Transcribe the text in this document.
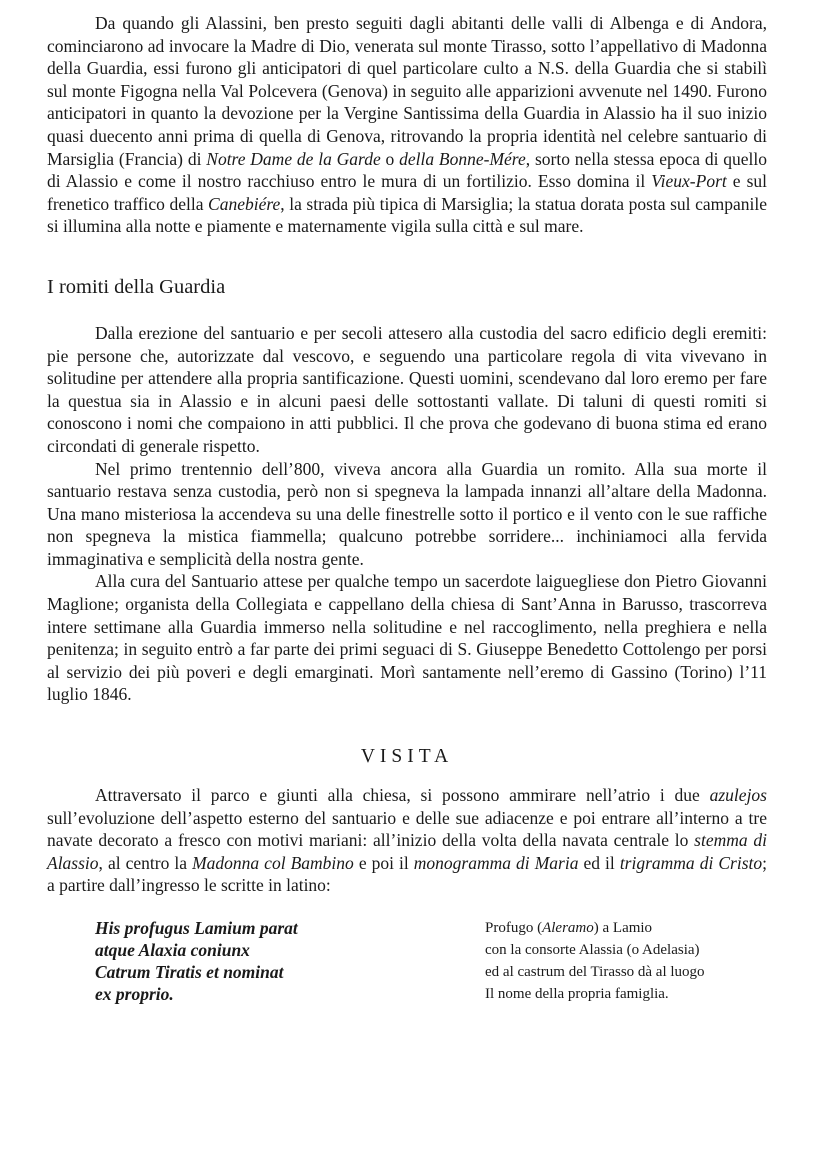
Da quando gli Alassini, ben presto seguiti dagli abitanti delle valli di Albenga e di Andora, cominciarono ad invocare la Madre di Dio, venerata sul monte Tirasso, sotto l’appellativo di Madonna della Guardia, essi furono gli anticipatori di quel particolare culto a N.S. della Guardia che si stabilì sul monte Figogna nella Val Polcevera (Genova) in seguito alle apparizioni avvenute nel 1490. Furono anticipatori in quanto la devozione per la Vergine Santissima della Guardia in Alassio ha il suo inizio quasi duecento anni prima di quella di Genova, ritrovando la propria identità nel celebre santuario di Marsiglia (Francia) di Notre Dame de la Garde o della Bonne-Mére, sorto nella stessa epoca di quello di Alassio e come il nostro racchiuso entro le mura di un fortilizio. Esso domina il Vieux-Port e sul frenetico traffico della Canebiére, la strada più tipica di Marsiglia; la statua dorata posta sul campanile si illumina alla notte e piamente e maternamente vigila sulla città e sul mare.

I romiti della Guardia

Dalla erezione del santuario e per secoli attesero alla custodia del sacro edificio degli eremiti: pie persone che, autorizzate dal vescovo, e seguendo una particolare regola di vita vivevano in solitudine per attendere alla propria santificazione. Questi uomini, scendevano dal loro eremo per fare la questua sia in Alassio e in alcuni paesi delle sottostanti vallate. Di taluni di questi romiti si conoscono i nomi che compaiono in atti pubblici. Il che prova che godevano di buona stima ed erano circondati di generale rispetto.

Nel primo trentennio dell’800, viveva ancora alla Guardia un romito. Alla sua morte il santuario restava senza custodia, però non si spegneva la lampada innanzi all’altare della Madonna. Una mano misteriosa la accendeva su una delle finestrelle sotto il portico e il vento con le sue raffiche non spegneva la mistica fiammella; qualcuno potrebbe sorridere... inchiniamoci alla fervida immaginativa e semplicità della nostra gente.

Alla cura del Santuario attese per qualche tempo un sacerdote laiguegliese don Pietro Giovanni Maglione; organista della Collegiata e cappellano della chiesa di Sant’Anna in Barusso, trascorreva intere settimane alla Guardia immerso nella solitudine e nel raccoglimento, nella preghiera e nella penitenza; in seguito entrò a far parte dei primi seguaci di S. Giuseppe Benedetto Cottolengo per porsi al servizio dei più poveri e degli emarginati. Morì santamente nell’eremo di Gassino (Torino) l’11 luglio 1846.

VISITA

Attraversato il parco e giunti alla chiesa, si possono ammirare nell’atrio i due azulejos sull’evoluzione dell’aspetto esterno del santuario e delle sue adiacenze e poi entrare all’interno a tre navate decorato a fresco con motivi mariani: all’inizio della volta della navata centrale lo stemma di Alassio, al centro la Madonna col Bambino e poi il monogramma di Maria ed il trigramma di Cristo; a partire dall’ingresso le scritte in latino:

His profugus Lamium parat
atque Alaxia coniunx
Catrum Tiratis et nominat
ex proprio.
Profugo (Aleramo) a Lamio
con la consorte Alassia (o Adelasia)
ed al castrum del Tirasso dà al luogo
Il nome della propria famiglia.
